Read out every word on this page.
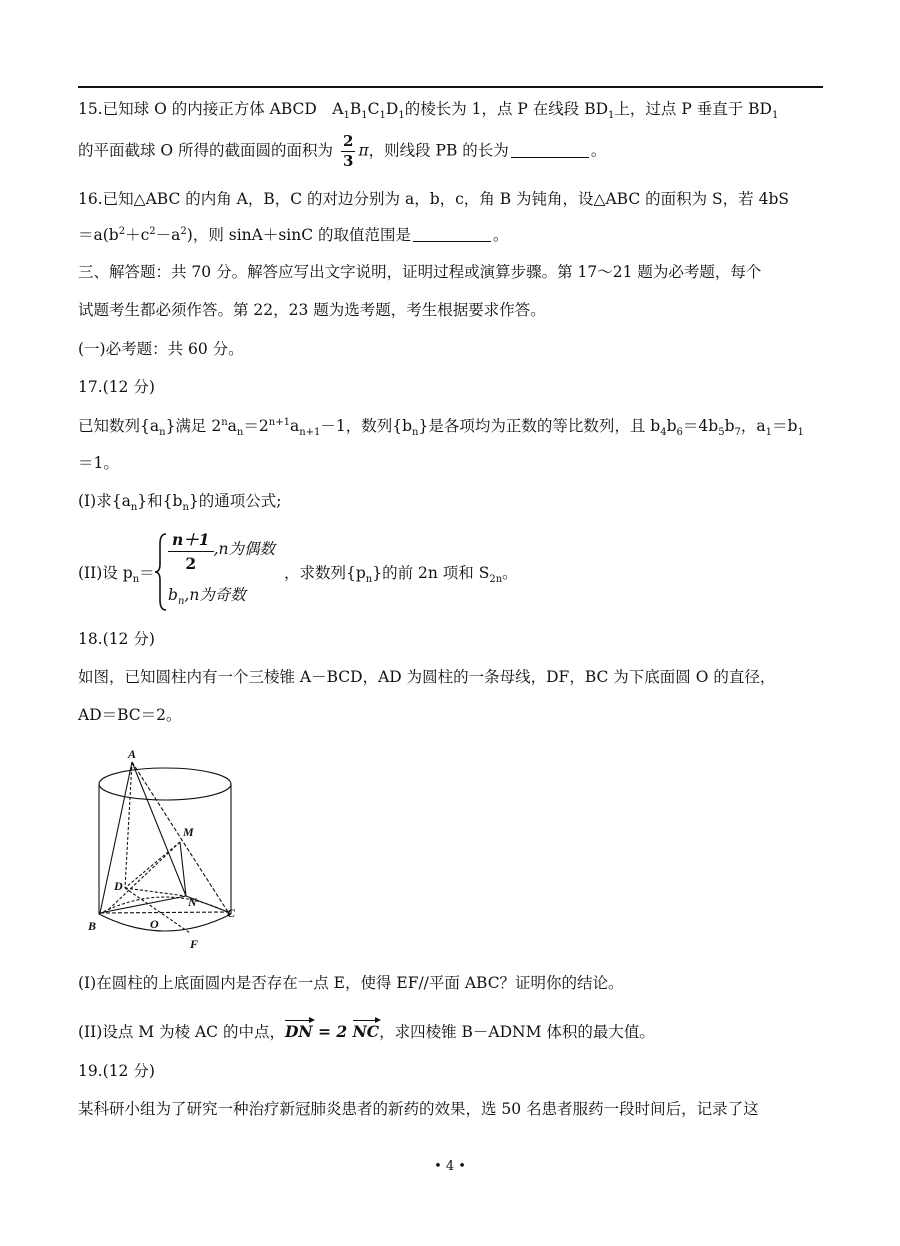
15.已知球 O 的内接正方体 ABCD　$A_1B_1C_1D_1$的棱长为 1，点 P 在线段 $BD_1$上，过点 P 垂直于 $BD_1$
的平面截球 O 所得的截面圆的面积为 $\frac{2}{3}$ π，则线段 PB 的长为	。
16.已知△ABC 的内角 A，B，C 的对边分别为 a，b，c，角 B 为钝角，设△ABC 的面积为 S，若 4bS
$=a(b^2+c^2-a^2)$，则 sinA＋sinC 的取值范围是	。
三、解答题：共 70 分。解答应写出文字说明，证明过程或演算步骤。第 17～21 题为必考题，每个
试题考生都必须作答。第 22，23 题为选考题，考生根据要求作答。
(一)必考题：共 60 分。
17.(12 分)
已知数列$\{a_n\}$满足 $2^na_n=2^{n+1}a_{n+1}-1$，数列$\{b_n\}$是各项均为正数的等比数列，且 $b_4b_6=4b_5b_7$，$a_1=b_1$
＝1。
(I)求$\{a_n\}$和$\{b_n\}$的通项公式;
(II)设 $p_n=$
$\frac{n+1}{2} ,n$为偶数
$b_n,n$为奇数
，求数列$\{p_n\}$的前 2n 项和 $S_{2n}$。
18.(12 分)
如图，已知圆柱内有一个三棱锥 A－BCD，AD 为圆柱的一条母线，DF，BC 为下底面圆 O 的直径，
AD＝BC＝2。
A
M
D
N
B	O
C
F
(I)在圆柱的上底面圆内是否存在一点 E，使得 EF//平面 ABC？证明你的结论。
(II)设点 M 为棱 AC 的中点，DN = 2 NC，求四棱锥 B－ADNM 体积的最大值。
19.(12 分)
某科研小组为了研究一种治疗新冠肺炎患者的新药的效果，选 50 名患者服药一段时间后，记录了这
• 4 •
